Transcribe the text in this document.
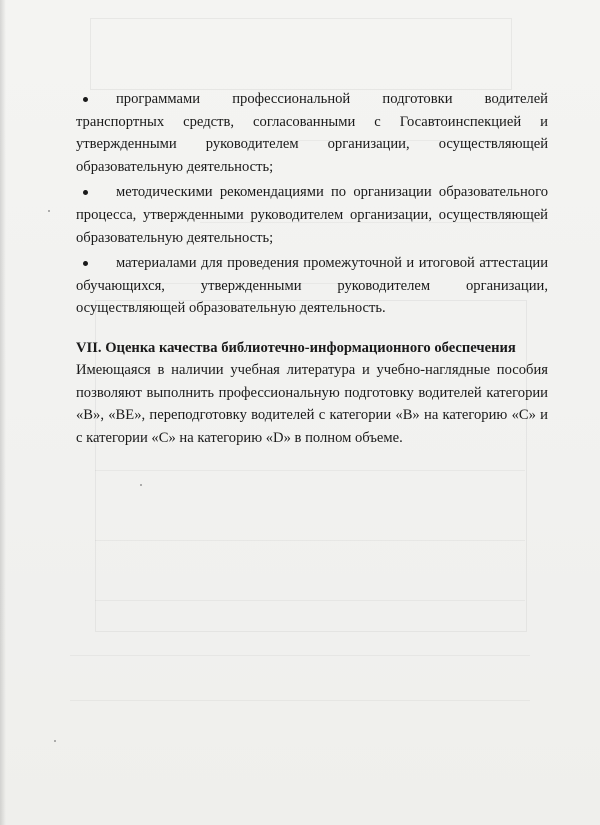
программами профессиональной подготовки водителей транспортных средств, согласованными с Госавтоинспекцией и утвержденными руководителем организации, осуществляющей образовательную деятельность;
методическими рекомендациями по организации образовательного процесса, утвержденными руководителем организации, осуществляющей образовательную деятельность;
материалами для проведения промежуточной и итоговой аттестации обучающихся, утвержденными руководителем организации, осуществляющей образовательную деятельность.
VII. Оценка качества библиотечно-информационного обеспечения

Имеющаяся в наличии учебная литература и учебно-наглядные пособия позволяют выполнить профессиональную подготовку водителей категории «В», «ВЕ», переподготовку водителей с категории «В» на категорию «С» и с категории «С» на категорию «D» в полном объеме.
